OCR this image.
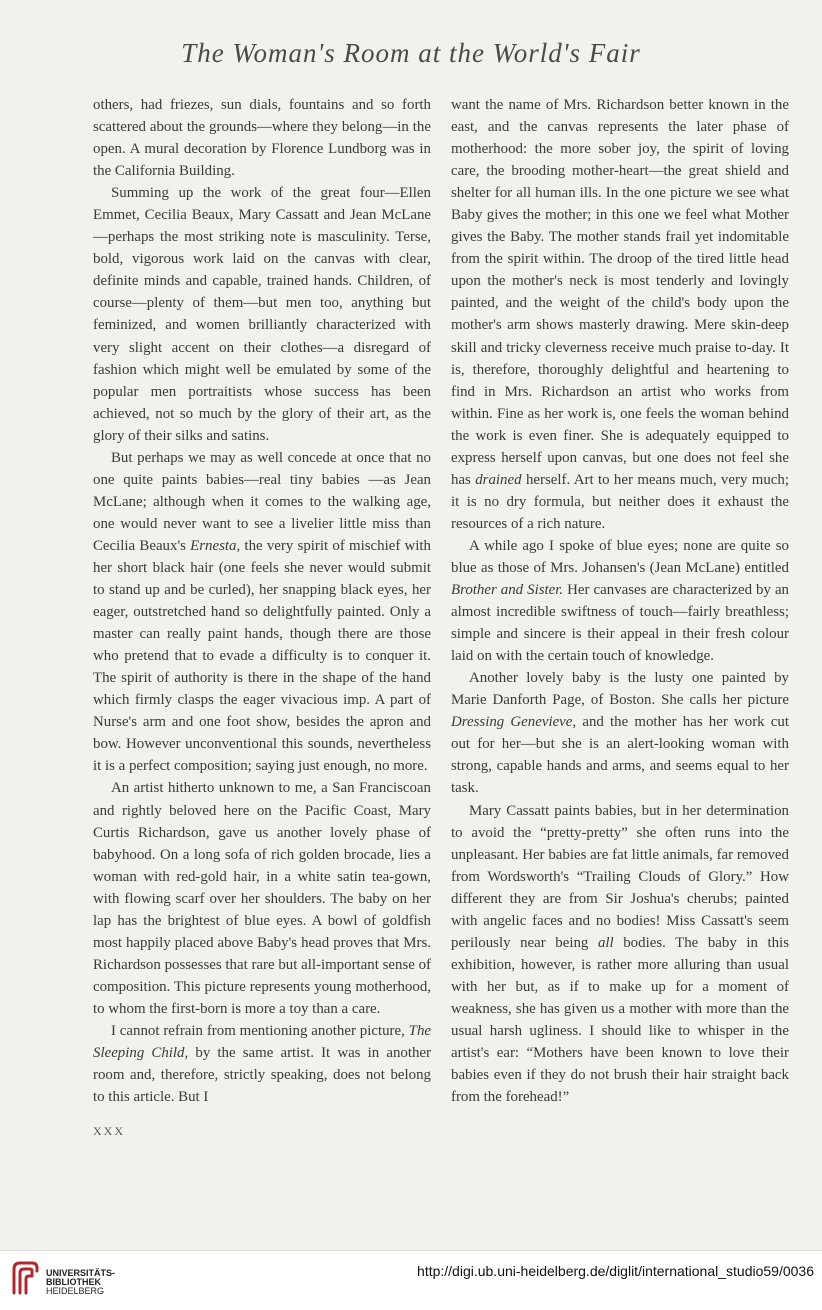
The Woman's Room at the World's Fair

others, had friezes, sun dials, fountains and so forth scattered about the grounds—where they belong—in the open. A mural decoration by Florence Lundborg was in the California Building.

Summing up the work of the great four—Ellen Emmet, Cecilia Beaux, Mary Cassatt and Jean McLane—perhaps the most striking note is masculinity. Terse, bold, vigorous work laid on the canvas with clear, definite minds and capable, trained hands. Children, of course—plenty of them—but men too, anything but feminized, and women brilliantly characterized with very slight accent on their clothes—a disregard of fashion which might well be emulated by some of the popular men portraitists whose success has been achieved, not so much by the glory of their art, as the glory of their silks and satins.

But perhaps we may as well concede at once that no one quite paints babies—real tiny babies —as Jean McLane; although when it comes to the walking age, one would never want to see a livelier little miss than Cecilia Beaux's Ernesta, the very spirit of mischief with her short black hair (one feels she never would submit to stand up and be curled), her snapping black eyes, her eager, outstretched hand so delightfully painted. Only a master can really paint hands, though there are those who pretend that to evade a difficulty is to conquer it. The spirit of authority is there in the shape of the hand which firmly clasps the eager vivacious imp. A part of Nurse's arm and one foot show, besides the apron and bow. However unconventional this sounds, nevertheless it is a perfect composition; saying just enough, no more.

An artist hitherto unknown to me, a San Franciscoan and rightly beloved here on the Pacific Coast, Mary Curtis Richardson, gave us another lovely phase of babyhood. On a long sofa of rich golden brocade, lies a woman with red-gold hair, in a white satin tea-gown, with flowing scarf over her shoulders. The baby on her lap has the brightest of blue eyes. A bowl of goldfish most happily placed above Baby's head proves that Mrs. Richardson possesses that rare but all-important sense of composition. This picture represents young motherhood, to whom the first-born is more a toy than a care.

I cannot refrain from mentioning another picture, The Sleeping Child, by the same artist. It was in another room and, therefore, strictly speaking, does not belong to this article. But I

want the name of Mrs. Richardson better known in the east, and the canvas represents the later phase of motherhood: the more sober joy, the spirit of loving care, the brooding mother-heart—the great shield and shelter for all human ills. In the one picture we see what Baby gives the mother; in this one we feel what Mother gives the Baby. The mother stands frail yet indomitable from the spirit within. The droop of the tired little head upon the mother's neck is most tenderly and lovingly painted, and the weight of the child's body upon the mother's arm shows masterly drawing. Mere skin-deep skill and tricky cleverness receive much praise to-day. It is, therefore, thoroughly delightful and heartening to find in Mrs. Richardson an artist who works from within. Fine as her work is, one feels the woman behind the work is even finer. She is adequately equipped to express herself upon canvas, but one does not feel she has drained herself. Art to her means much, very much; it is no dry formula, but neither does it exhaust the resources of a rich nature.

A while ago I spoke of blue eyes; none are quite so blue as those of Mrs. Johansen's (Jean McLane) entitled Brother and Sister. Her canvases are characterized by an almost incredible swiftness of touch—fairly breathless; simple and sincere is their appeal in their fresh colour laid on with the certain touch of knowledge.

Another lovely baby is the lusty one painted by Marie Danforth Page, of Boston. She calls her picture Dressing Genevieve, and the mother has her work cut out for her—but she is an alert-looking woman with strong, capable hands and arms, and seems equal to her task.

Mary Cassatt paints babies, but in her determination to avoid the “pretty-pretty” she often runs into the unpleasant. Her babies are fat little animals, far removed from Wordsworth's “Trailing Clouds of Glory.” How different they are from Sir Joshua's cherubs; painted with angelic faces and no bodies! Miss Cassatt's seem perilously near being all bodies. The baby in this exhibition, however, is rather more alluring than usual with her but, as if to make up for a moment of weakness, she has given us a mother with more than the usual harsh ugliness. I should like to whisper in the artist's ear: “Mothers have been known to love their babies even if they do not brush their hair straight back from the forehead!”

XXX
UNIVERSITÄTS-
BIBLIOTHEK
HEIDELBERG
http://digi.ub.uni-heidelberg.de/diglit/international_studio59/0036
